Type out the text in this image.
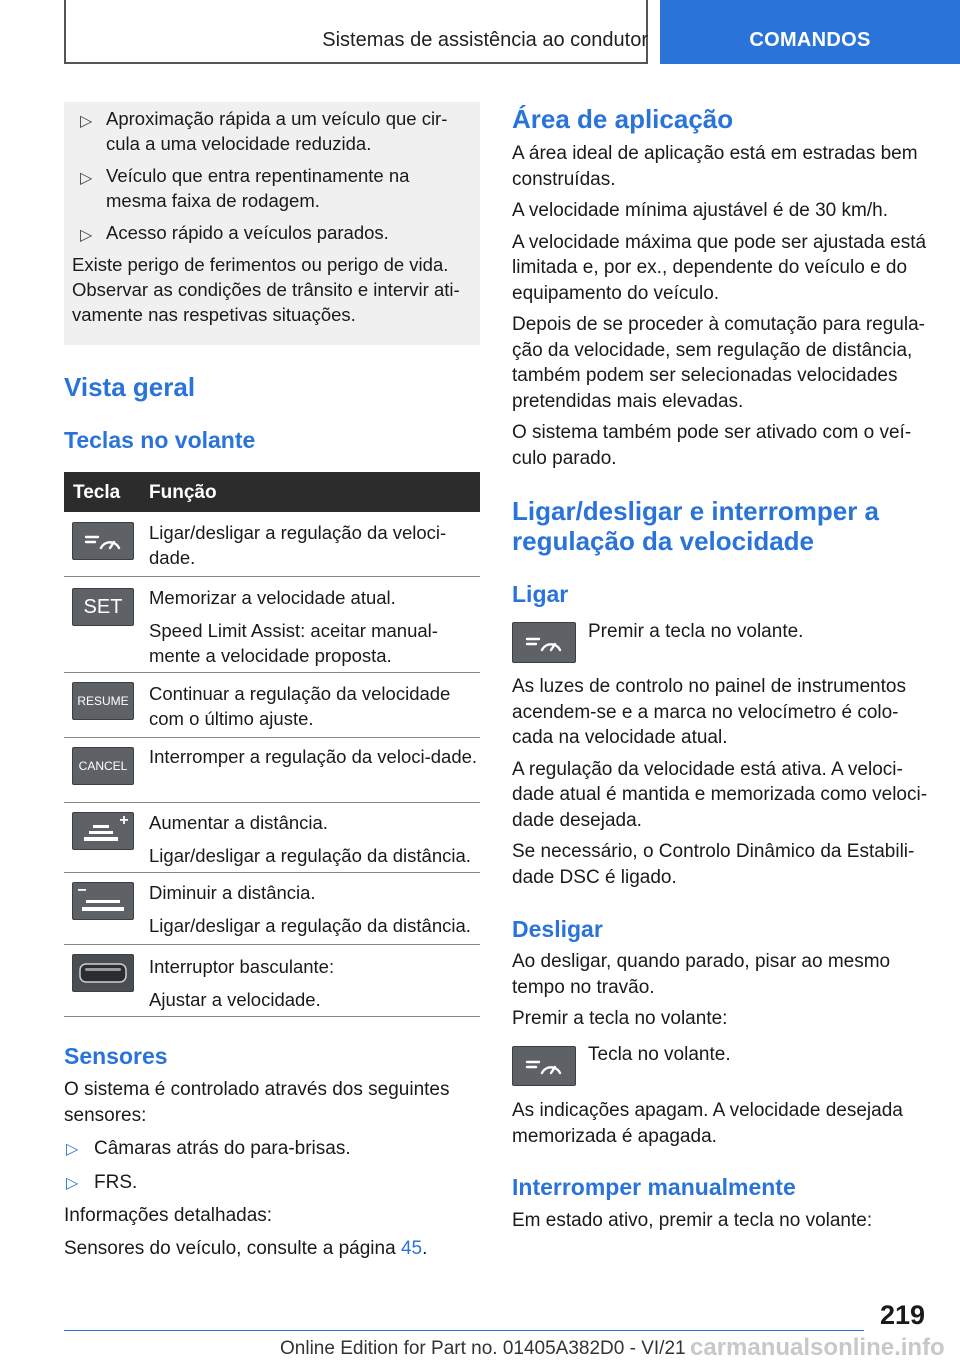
Sistemas de assistência ao condutor	COMANDOS
▷ Aproximação rápida a um veículo que cir-
cula a uma velocidade reduzida.
▷ Veículo que entra repentinamente na
mesma faixa de rodagem.
▷ Acesso rápido a veículos parados.
Existe perigo de ferimentos ou perigo de vida. Observar as condições de trânsito e intervir ati-vamente nas respetivas situações.
Vista geral
Teclas no volante
Tecla Função
Ligar/desligar a regulação da veloci-dade.
SET Memorizar a velocidade atual.
Speed Limit Assist: aceitar manual-mente a velocidade proposta.
RESUME Continuar a regulação da velocidade com o último ajuste.
CANCEL Interromper a regulação da veloci-dade.
Aumentar a distância.
Ligar/desligar a regulação da distância.
Diminuir a distância.
Ligar/desligar a regulação da distância.
Interruptor basculante:
Ajustar a velocidade.
Sensores

O sistema é controlado através dos seguintes sensores:

▷ Câmaras atrás do para-brisas.

▷ FRS.

Informações detalhadas:

Sensores do veículo, consulte a página 45.

Área de aplicação

A área ideal de aplicação está em estradas bem construídas.

A velocidade mínima ajustável é de 30 km/h.

A velocidade máxima que pode ser ajustada está limitada e, por ex., dependente do veículo e do equipamento do veículo.

Depois de se proceder à comutação para regula-ção da velocidade, sem regulação de distância, também podem ser selecionadas velocidades pretendidas mais elevadas.

O sistema também pode ser ativado com o veí-culo parado.

Ligar/desligar e interromper a regulação da velocidade
Ligar

Premir a tecla no volante.

As luzes de controlo no painel de instrumentos acendem-se e a marca no velocímetro é colo-cada na velocidade atual.

A regulação da velocidade está ativa. A veloci-dade atual é mantida e memorizada como veloci-dade desejada.

Se necessário, o Controlo Dinâmico da Estabili-dade DSC é ligado.

Desligar

Ao desligar, quando parado, pisar ao mesmo tempo no travão.

Premir a tecla no volante:

Tecla no volante.

As indicações apagam. A velocidade desejada memorizada é apagada.

Interromper manualmente

Em estado ativo, premir a tecla no volante:

219
Online Edition for Part no. 01405A382D0 - VI/21 carmanualsonline.info
